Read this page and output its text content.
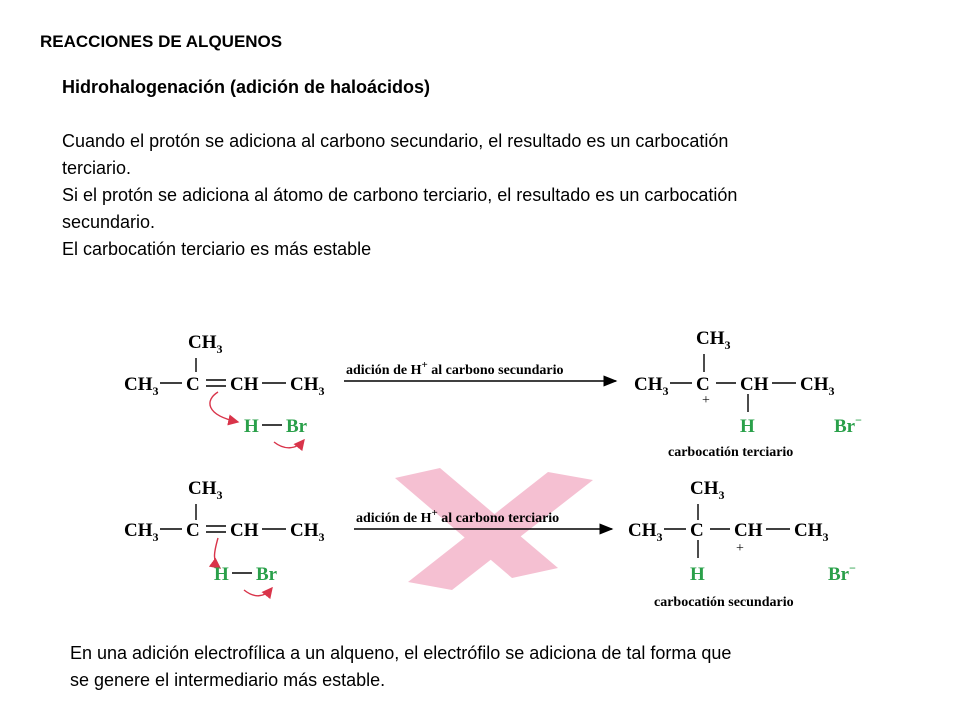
REACCIONES DE ALQUENOS
Hidrohalogenación (adición de haloácidos)
Cuando el protón se adiciona al carbono secundario, el resultado es un carbocatión
terciario.
Si el protón se adiciona al átomo de carbono terciario, el resultado es un carbocatión
secundario.
El carbocatión terciario es más estable
$CH_3$
$CH_3$ C CH $CH_3$
H Br
adición de H+ al carbono secundario
$CH_3$
$CH_3$ C
+
CH $CH_3$
H	Br−
carbocatión terciario
$CH_3$
$CH_3$ C CH $CH_3$
H Br
adición de H+ al carbono terciario
$CH_3$
$CH_3$ C CH
+
$CH_3$
H	Br−
carbocatión secundario
En una adición electrofílica a un alqueno, el electrófilo se adiciona de tal forma que
se genere el intermediario más estable.
